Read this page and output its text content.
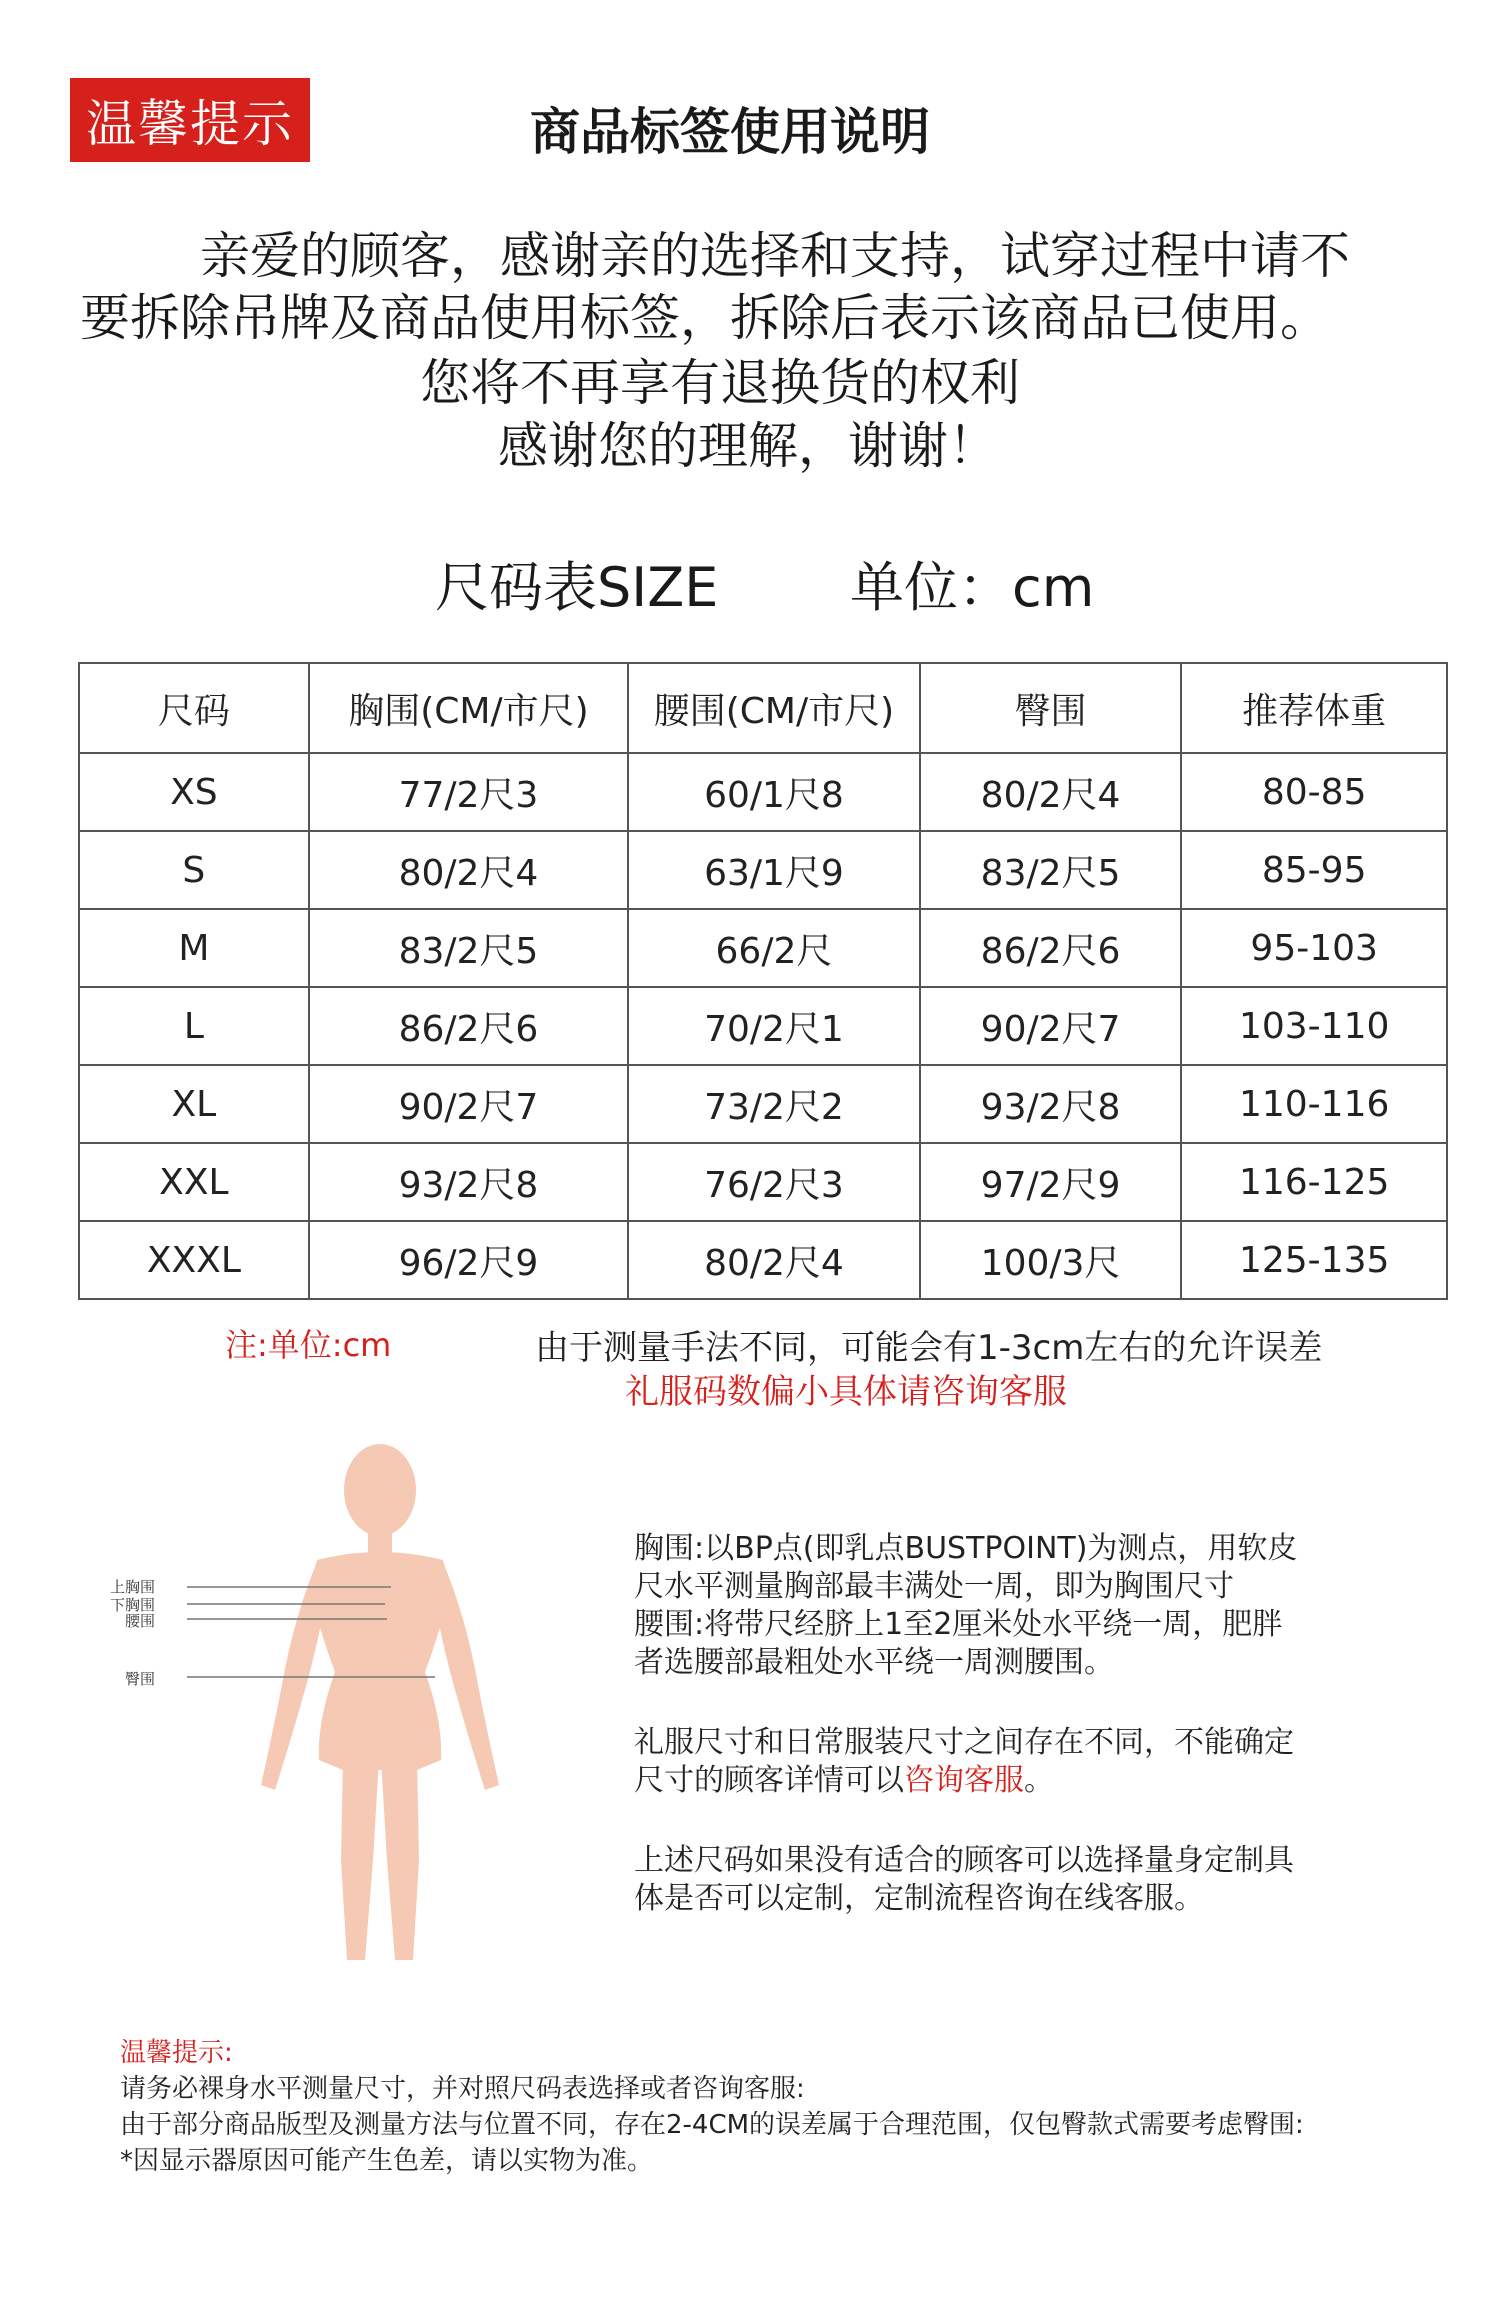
温馨提示	商品标签使用说明
亲爱的顾客，感谢亲的选择和支持，试穿过程中请不
要拆除吊牌及商品使用标签，拆除后表示该商品已使用。
您将不再享有退换货的权利
感谢您的理解，谢谢！
尺码表SIZE 单位：cm
尺码	胸围(CM/市尺)	腰围(CM/市尺)	臀围	推荐体重
XS	77/2尺3	60/1尺8	80/2尺4	80-85
S	80/2尺4	63/1尺9	83/2尺5	85-95
M	83/2尺5	66/2尺	86/2尺6	95-103
L	86/2尺6	70/2尺1	90/2尺7	103-110
XL	90/2尺7	73/2尺2	93/2尺8	110-116
XXL	93/2尺8	76/2尺3	97/2尺9	116-125
XXXL	96/2尺9	80/2尺4	100/3尺	125-135
注:单位:cm	由于测量手法不同，可能会有1-3cm左右的允许误差
礼服码数偏小具体请咨询客服
上胸围
下胸围
腰围
臀围
胸围:以BP点(即乳点BUSTPOINT)为测点，用软皮
尺水平测量胸部最丰满处一周，即为胸围尺寸
腰围:将带尺经脐上1至2厘米处水平绕一周，肥胖
者选腰部最粗处水平绕一周测腰围。
礼服尺寸和日常服装尺寸之间存在不同，不能确定
尺寸的顾客详情可以咨询客服。
上述尺码如果没有适合的顾客可以选择量身定制具
体是否可以定制，定制流程咨询在线客服。
温馨提示:
请务必裸身水平测量尺寸，并对照尺码表选择或者咨询客服:
由于部分商品版型及测量方法与位置不同，存在2-4CM的误差属于合理范围，仅包臀款式需要考虑臀围:
*因显示器原因可能产生色差，请以实物为准。
